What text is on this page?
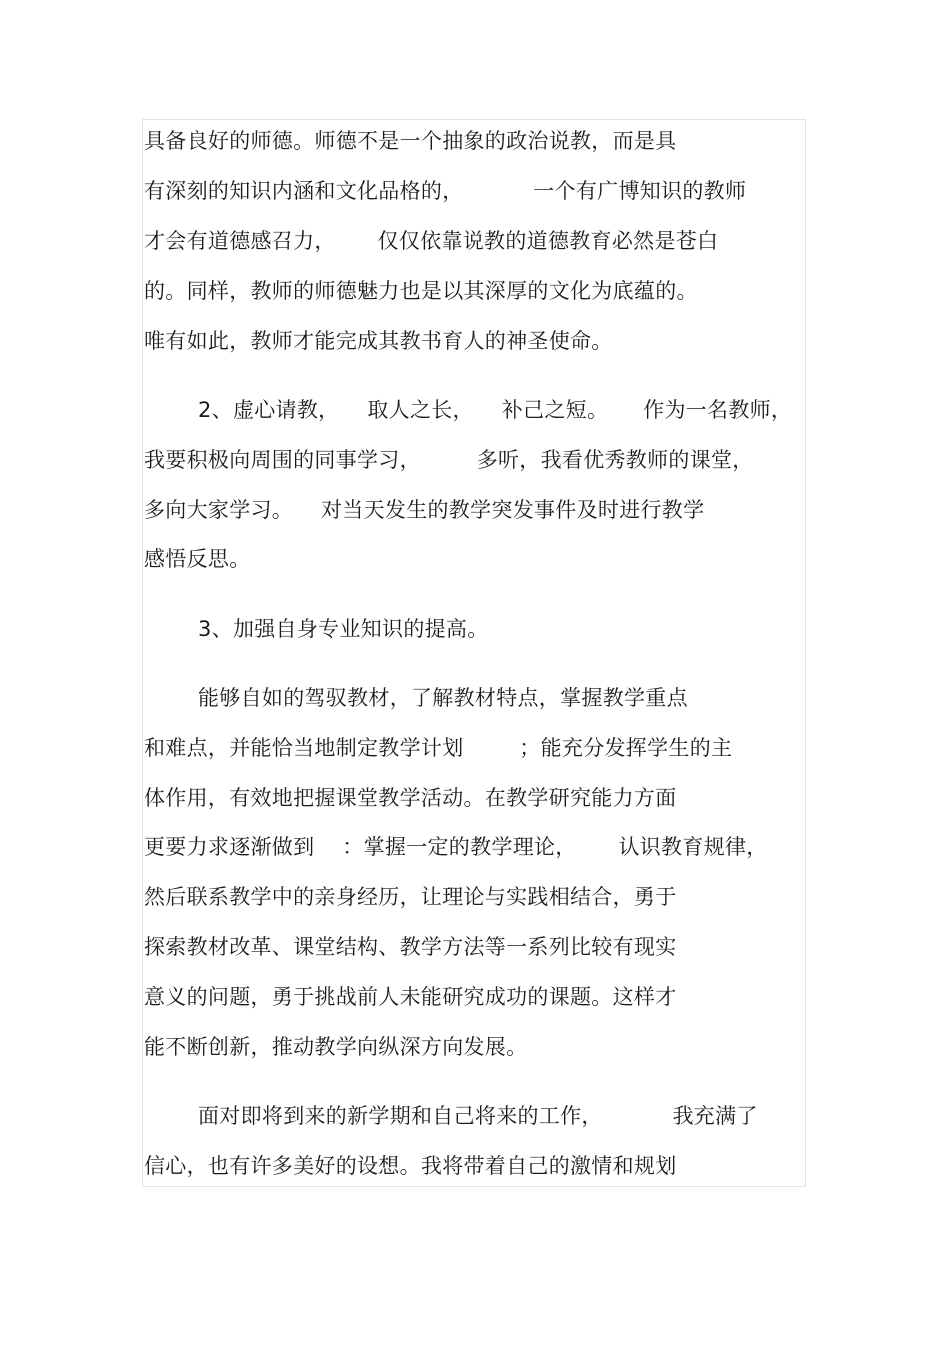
具备良好的师德。师德不是一个抽象的政治说教，而是具
有深刻的知识内涵和文化品格的，          一个有广博知识的教师
才会有道德感召力，      仅仅依靠说教的道德教育必然是苍白
的。同样，教师的师德魅力也是以其深厚的文化为底蕴的。
唯有如此，教师才能完成其教书育人的神圣使命。
2、虚心请教，    取人之长，    补己之短。     作为一名教师，
我要积极向周围的同事学习，        多听，我看优秀教师的课堂，
多向大家学习。    对当天发生的教学突发事件及时进行教学
感悟反思。
3、加强自身专业知识的提高。
能够自如的驾驭教材，了解教材特点，掌握教学重点
和难点，并能恰当地制定教学计划        ；能充分发挥学生的主
体作用，有效地把握课堂教学活动。在教学研究能力方面
更要力求逐渐做到    ：掌握一定的教学理论，      认识教育规律，
然后联系教学中的亲身经历，让理论与实践相结合，勇于
探索教材改革、课堂结构、教学方法等一系列比较有现实
意义的问题，勇于挑战前人未能研究成功的课题。这样才
能不断创新，推动教学向纵深方向发展。
面对即将到来的新学期和自己将来的工作，          我充满了
信心，也有许多美好的设想。我将带着自己的激情和规划
